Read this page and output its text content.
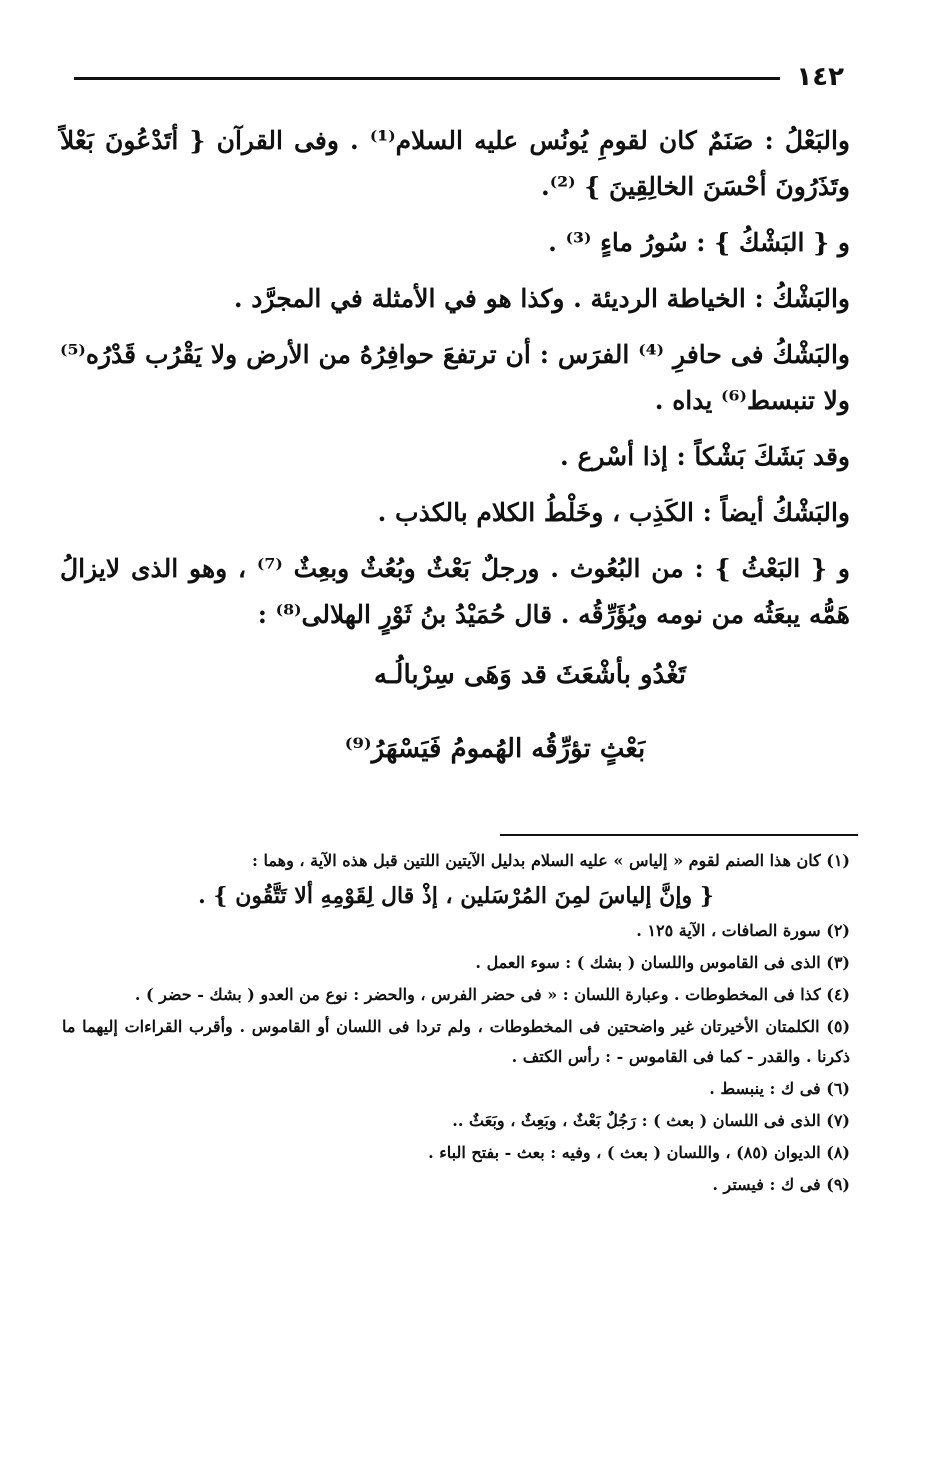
١٤٢

والبَعْلُ : صَنَمٌ كان لقومِ يُونُس عليه السلام⁽¹⁾ . وفى القرآن { أتَدْعُونَ بَعْلاً وتَذَرُونَ أحْسَنَ الخالِقِينَ } ⁽²⁾.

و { البَشْكُ } : سُورُ ماءٍ ⁽³⁾ .

والبَشْكُ : الخياطة الرديئة . وكذا هو في الأمثلة في المجرَّد .

والبَشْكُ فى حافرِ ⁽⁴⁾ الفرَس : أن ترتفعَ حوافِرُهُ من الأرض ولا يَقْرُب قَدْرُه⁽⁵⁾ ولا تنبسط⁽⁶⁾ يداه .

وقد بَشَكَ بَشْكاً : إذا أسْرع .

والبَشْكُ أيضاً : الكَذِب ، وخَلْطُ الكلام بالكذب .

و { البَعْثُ } : من البُعُوث . ورجلٌ بَعْثٌ وبُعُثٌ وبعِثٌ ⁽⁷⁾ ، وهو الذى لايزالُ هَمُّه يبعَثُه من نومه ويُؤَرِّقُه . قال حُمَيْدُ بنُ ثَوْرٍ الهلالى⁽⁸⁾ :

تَغْدُو بأشْعَثَ قد وَهَى سِرْبالُـه
بَعْثٍ تؤرِّقُه الهُمومُ فَيَسْهَرُ⁽⁹⁾

(١) كان هذا الصنم لقوم « إلياس » عليه السلام بدليل الآيتين اللتين قبل هذه الآية ، وهما :

{ وإنَّ إلياسَ لمِنَ المُرْسَلين ، إذْ قال لِقَوْمِهِ ألا تَتَّقُون } .

(٢) سورة الصافات ، الآية ١٢٥ .

(٣) الذى فى القاموس واللسان ( بشك ) : سوء العمل .

(٤) كذا فى المخطوطات . وعبارة اللسان : « فى حضر الفرس ، والحضر : نوع من العدو ( بشك - حضر ) .

(٥) الكلمتان الأخيرتان غير واضحتين فى المخطوطات ، ولم تردا فى اللسان أو القاموس . وأقرب القراءات إليهما ما ذكرنا . والقدر - كما فى القاموس - : رأس الكتف .

(٦) فى ك : ينبسط .

(٧) الذى فى اللسان ( بعث ) : رَجُلٌ بَعْثٌ ، وبَعِثٌ ، وبَعَثٌ ..

(٨) الديوان (٨٥) ، واللسان ( بعث ) ، وفيه : بعث - بفتح الباء .

(٩) فى ك : فيستر .
